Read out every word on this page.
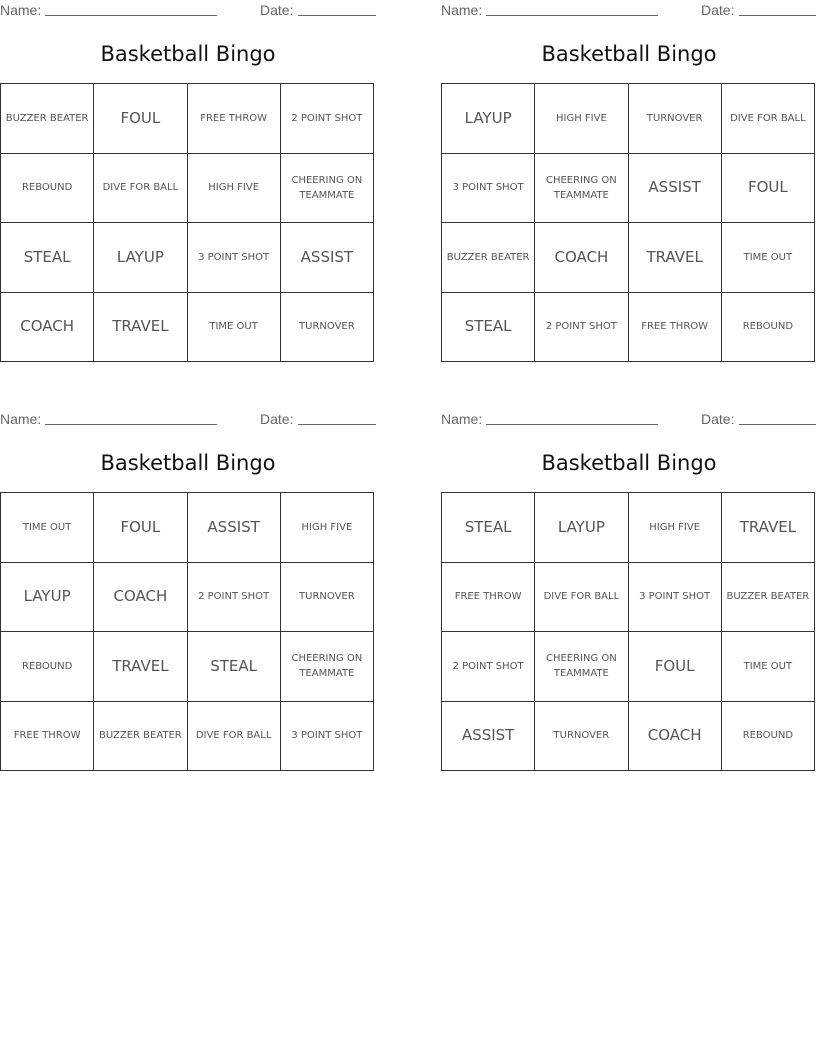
Name:	Date:
Basketball Bingo
BUZZER BEATER	FOUL	FREE THROW	2 POINT SHOT
REBOUND	DIVE FOR BALL	HIGH FIVE	CHEERING ON TEAMMATE
STEAL	LAYUP	3 POINT SHOT	ASSIST
COACH	TRAVEL	TIME OUT	TURNOVER
Name:	Date:
Basketball Bingo
LAYUP	HIGH FIVE	TURNOVER	DIVE FOR BALL
3 POINT SHOT	CHEERING ON TEAMMATE	ASSIST	FOUL
BUZZER BEATER	COACH	TRAVEL	TIME OUT
STEAL	2 POINT SHOT	FREE THROW	REBOUND
Name:	Date:
Basketball Bingo
TIME OUT	FOUL	ASSIST	HIGH FIVE
LAYUP	COACH	2 POINT SHOT	TURNOVER
REBOUND	TRAVEL	STEAL	CHEERING ON TEAMMATE
FREE THROW	BUZZER BEATER	DIVE FOR BALL	3 POINT SHOT
Name:	Date:
Basketball Bingo
STEAL	LAYUP	HIGH FIVE	TRAVEL
FREE THROW	DIVE FOR BALL	3 POINT SHOT	BUZZER BEATER
2 POINT SHOT	CHEERING ON TEAMMATE	FOUL	TIME OUT
ASSIST	TURNOVER	COACH	REBOUND
